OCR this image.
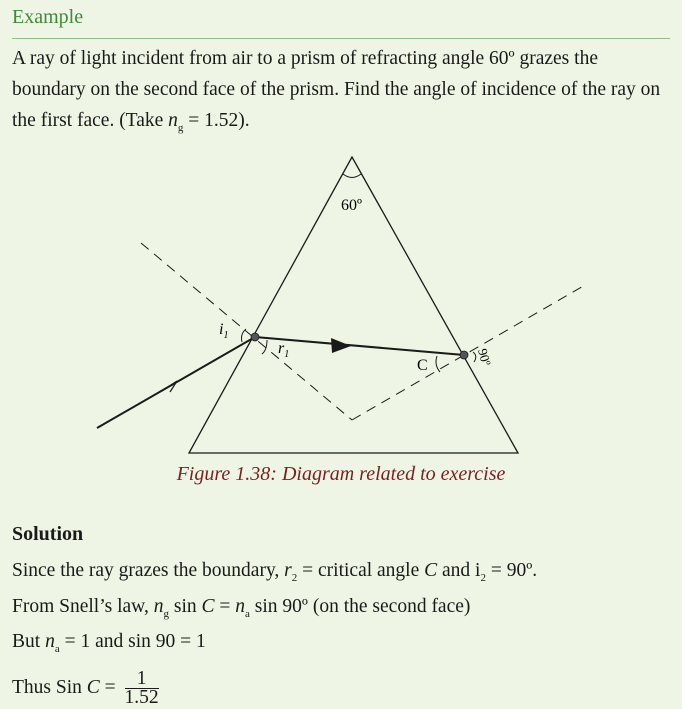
Example
A ray of light incident from air to a prism of refracting angle 60º grazes the boundary on the second face of the prism. Find the angle of incidence of the ray on the first face. (Take $n_g = 1.52$).
60º
$i_1$
$r_1$
C	90º
Figure 1.38: Diagram related to exercise
Solution
Since the ray grazes the boundary, $r_2$ = critical angle C and $i_2$ = 90º.
From Snell’s law, $n_g$ $\sin C = n_a$ sin 90º (on the second face)
But $n_a = 1$ and sin 90 = 1
Thus Sin $C = \frac{1}{1.52}$
